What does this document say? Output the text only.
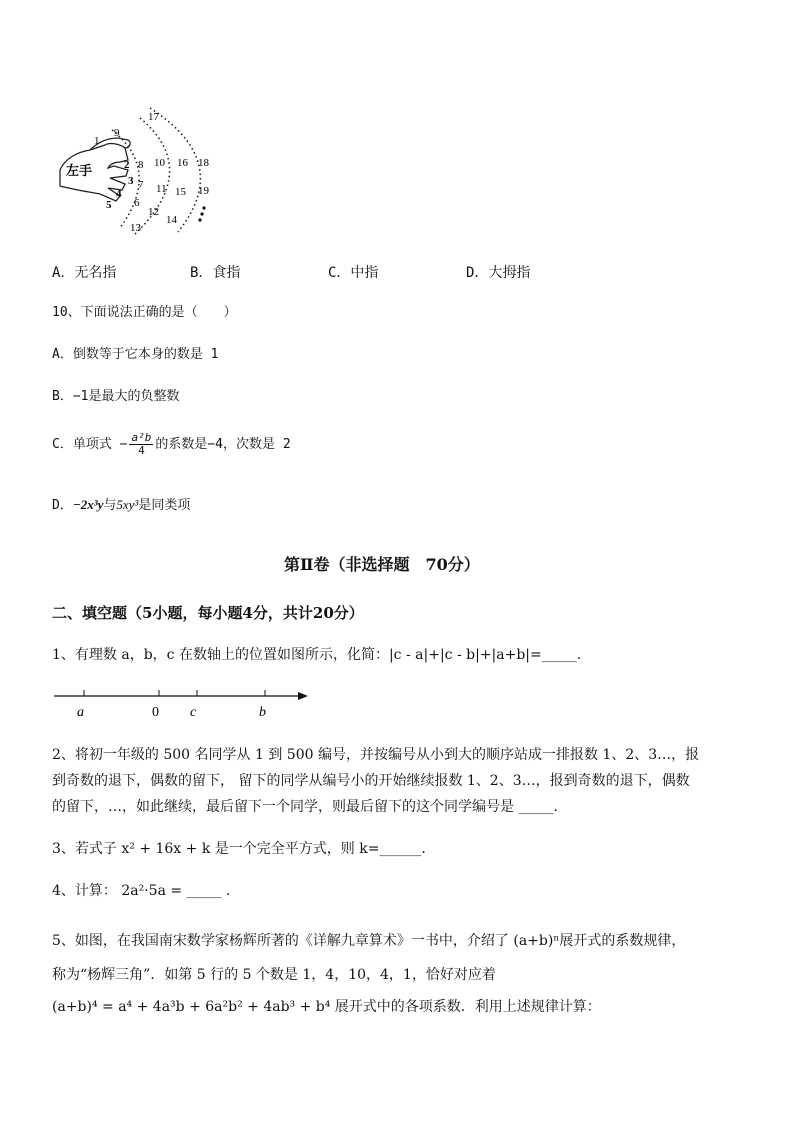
左手
1
2
3
4
5 6
7
8
9
10
11
12
13
14
15
16
17
18
19
A．无名指	B．食指	C．中指	D．大拇指
10、下面说法正确的是（　　）
A．倒数等于它本身的数是 1
B．−1是最大的负整数
C．单项式 − $\frac{\text{a²b}}{4}$ 的系数是−4，次数是 2
D．−2x³y与5xy³是同类项
第Ⅱ卷（非选择题　70分）
二、填空题（5小题，每小题4分，共计20分）
1、有理数 a，b，c 在数轴上的位置如图所示，化简：|c - a|+|c - b|+|a+b|=_____.
a	0 c	b
2、将初一年级的 500 名同学从 1 到 500 编号，并按编号从小到大的顺序站成一排报数 1、2、3…，报
到奇数的退下，偶数的留下， 留下的同学从编号小的开始继续报数 1、2、3…，报到奇数的退下，偶数
的留下，…，如此继续，最后留下一个同学，则最后留下的这个同学编号是 _____.
3、若式子 x² + 16x + k 是一个完全平方式，则 k=______.
4、计算： 2a²·5a = _____ .
5、如图，在我国南宋数学家杨辉所著的《详解九章算术》一书中，介绍了 (a+b)ⁿ展开式的系数规律，
称为“杨辉三角”．如第 5 行的 5 个数是 1，4，10，4，1，恰好对应着
(a+b)⁴ = a⁴ + 4a³b + 6a²b² + 4ab³ + b⁴ 展开式中的各项系数．利用上述规律计算：
